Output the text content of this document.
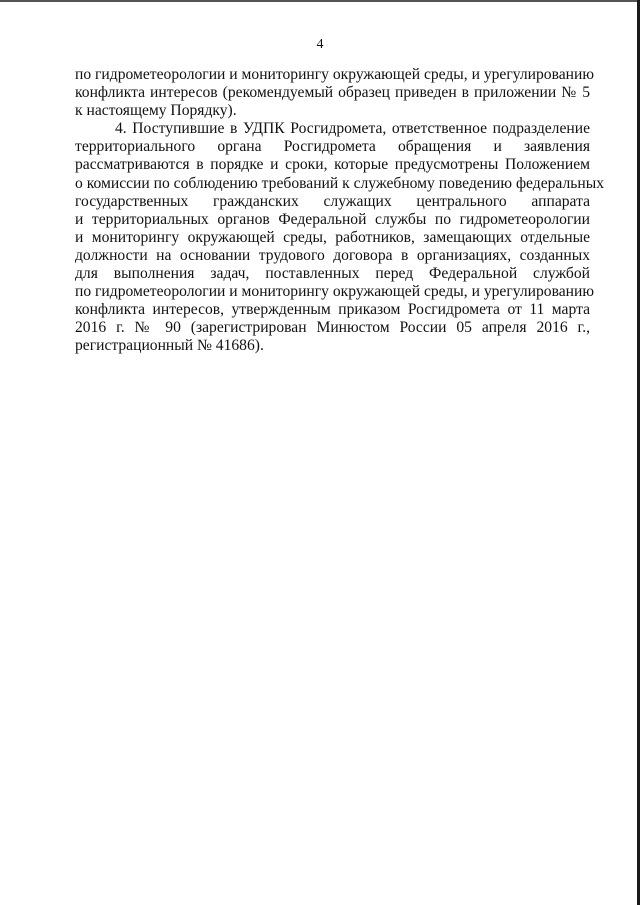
4
по гидрометеорологии и мониторингу окружающей среды, и урегулированию
конфликта интересов (рекомендуемый образец приведен в приложении № 5
к настоящему Порядку).
4. Поступившие в УДПК Росгидромета, ответственное подразделение
территориального органа Росгидромета обращения и заявления
рассматриваются в порядке и сроки, которые предусмотрены Положением
о комиссии по соблюдению требований к служебному поведению федеральных
государственных гражданских служащих центрального аппарата
и территориальных органов Федеральной службы по гидрометеорологии
и мониторингу окружающей среды, работников, замещающих отдельные
должности на основании трудового договора в организациях, созданных
для выполнения задач, поставленных перед Федеральной службой
по гидрометеорологии и мониторингу окружающей среды, и урегулированию
конфликта интересов, утвержденным приказом Росгидромета от 11 марта
2016 г. № 90 (зарегистрирован Минюстом России 05 апреля 2016 г.,
регистрационный № 41686).
